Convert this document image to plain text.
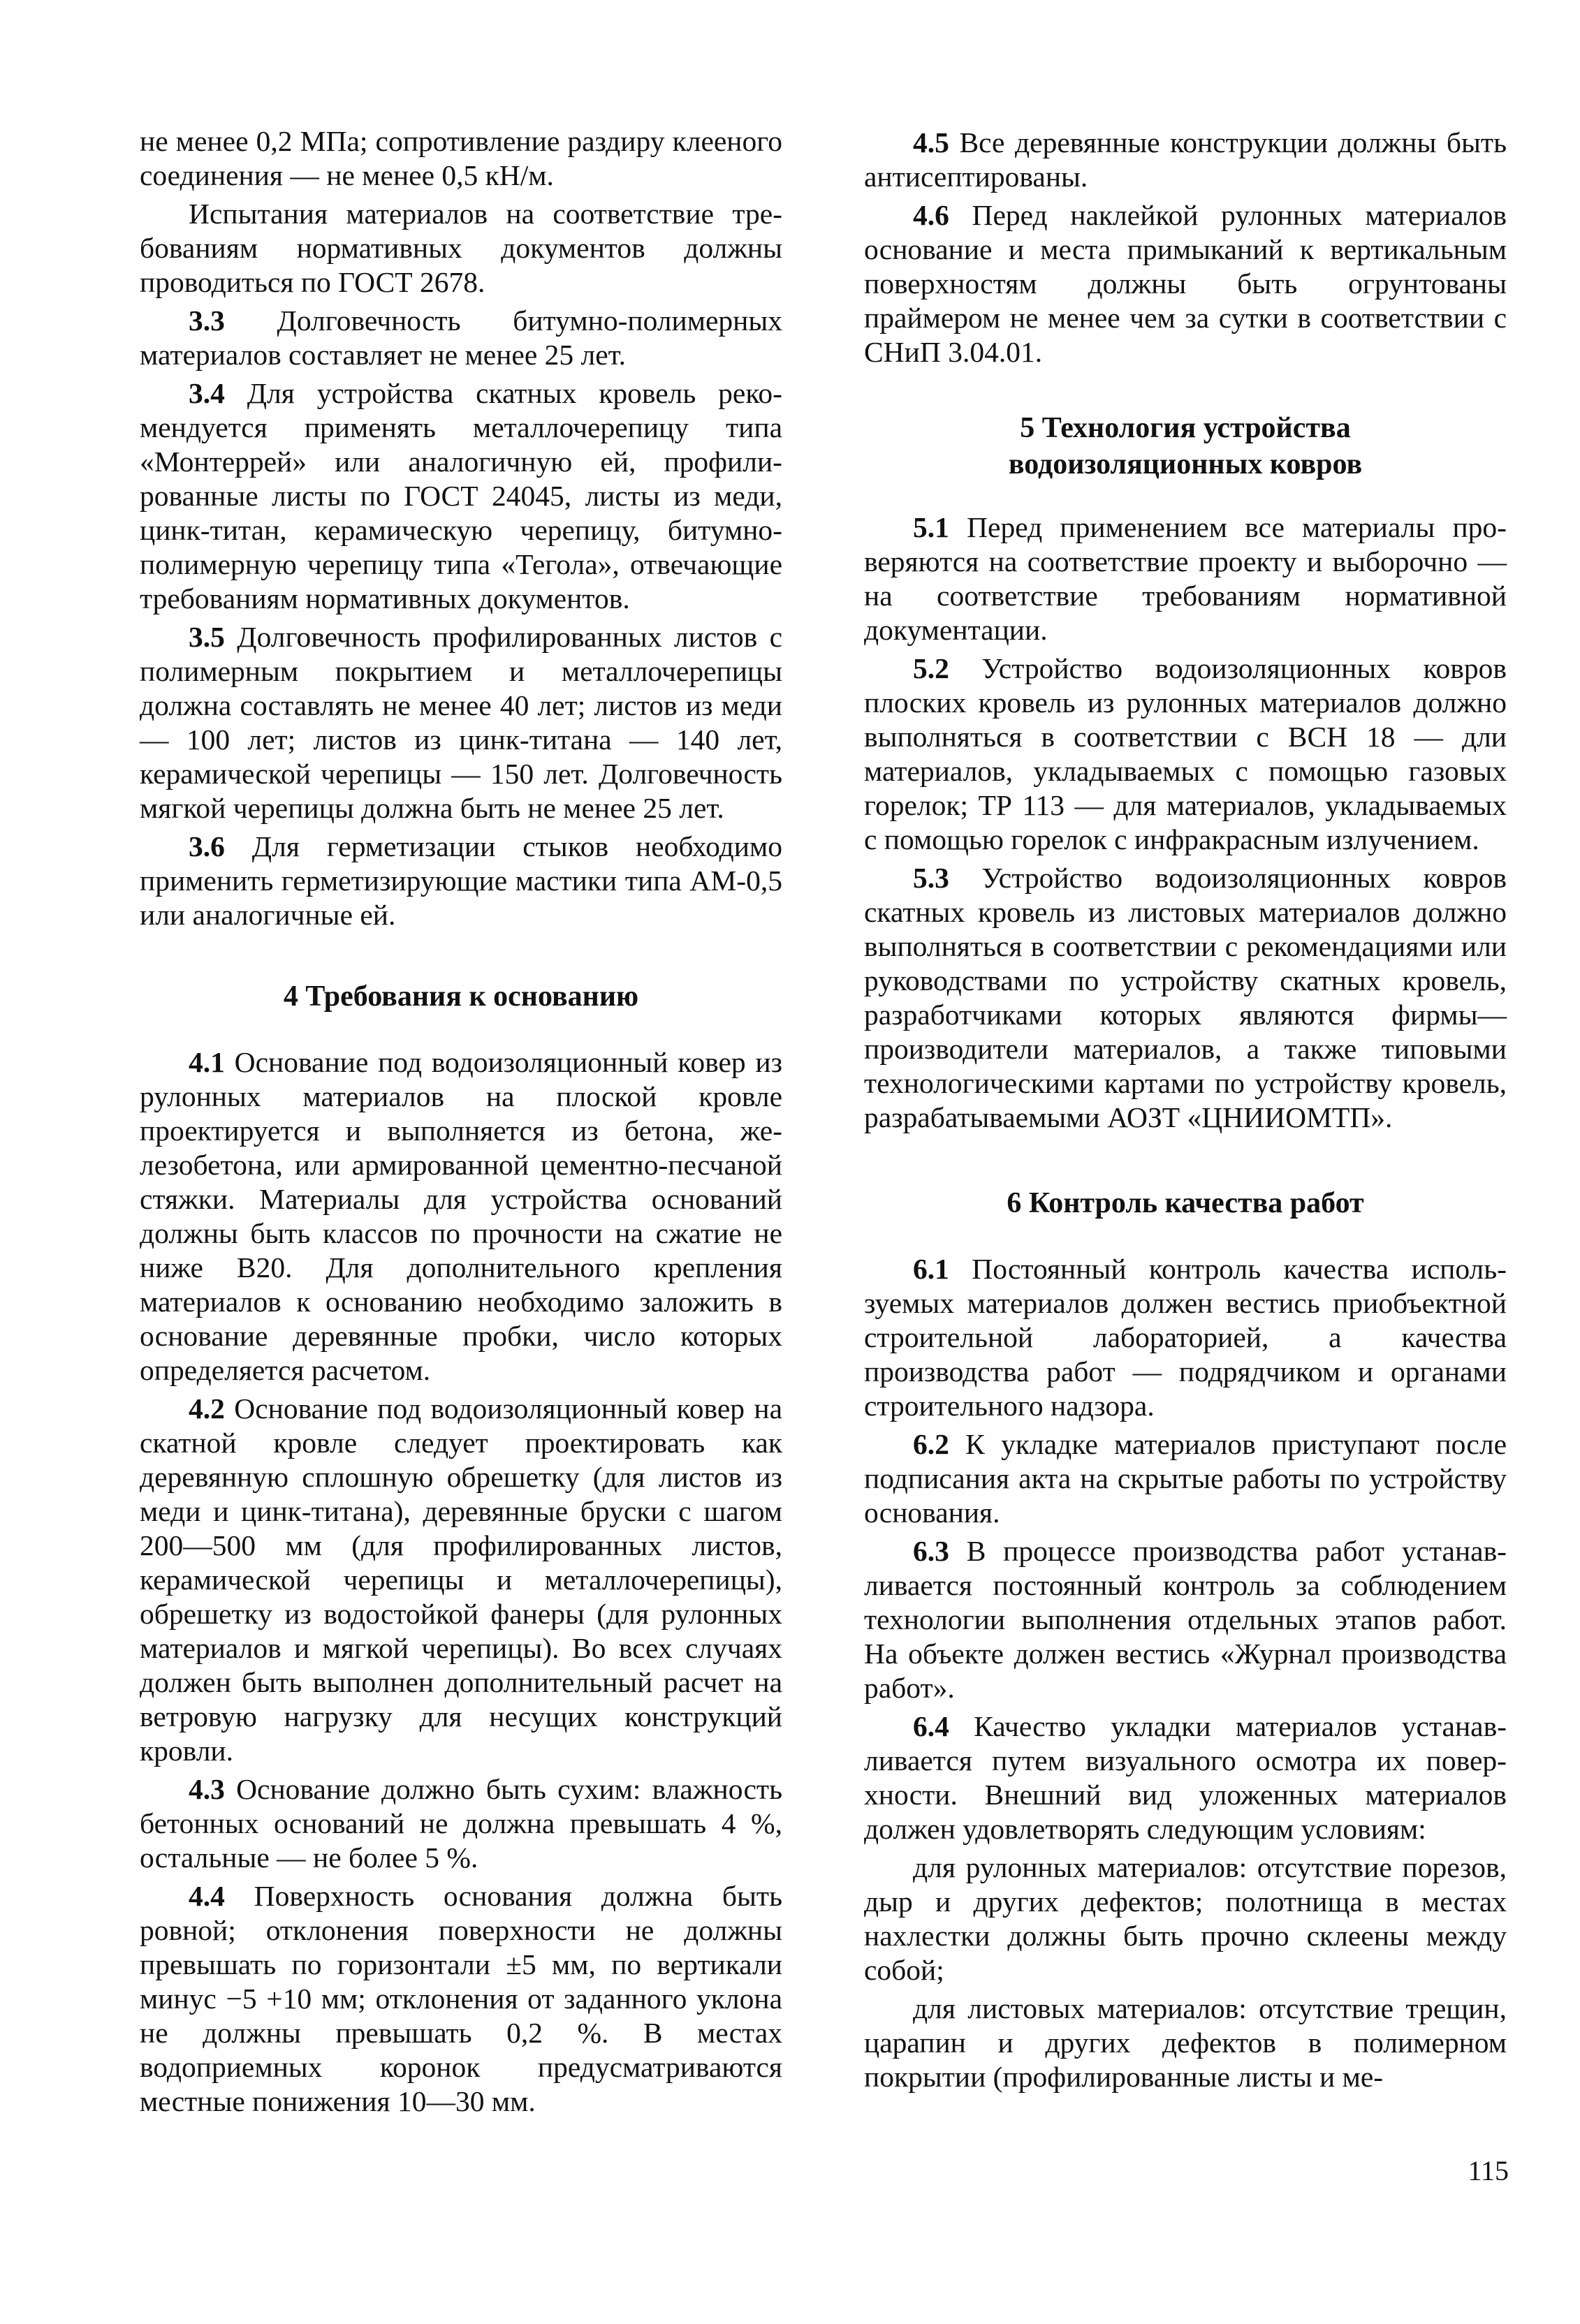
не менее 0,2 МПа; сопротивление раздиру клееного соединения — не менее 0,5 кН/м.

Испытания материалов на соответствие требованиям нормативных документов должны проводиться по ГОСТ 2678.

3.3 Долговечность битумно-полимерных материалов составляет не менее 25 лет.

3.4 Для устройства скатных кровель рекомендуется применять металлочерепицу типа «Монтеррей» или аналогичную ей, профилированные листы по ГОСТ 24045, листы из меди, цинк-титан, керамическую черепицу, битумно-полимерную черепицу типа «Тегола», отвечающие требованиям нормативных документов.

3.5 Долговечность профилированных листов с полимерным покрытием и металлочерепицы должна составлять не менее 40 лет; листов из меди — 100 лет; листов из цинк-титана — 140 лет, керамической черепицы — 150 лет. Долговечность мягкой черепицы должна быть не менее 25 лет.

3.6 Для герметизации стыков необходимо применить герметизирующие мастики типа АМ-0,5 или аналогичные ей.

4 Требования к основанию

4.1 Основание под водоизоляционный ковер из рулонных материалов на плоской кровле проектируется и выполняется из бетона, железобетона, или армированной цементно-песчаной стяжки. Материалы для устройства оснований должны быть классов по прочности на сжатие не ниже В20. Для дополнительного крепления материалов к основанию необходимо заложить в основание деревянные пробки, число которых определяется расчетом.

4.2 Основание под водоизоляционный ковер на скатной кровле следует проектировать как деревянную сплошную обрешетку (для листов из меди и цинк-титана), деревянные бруски с шагом 200—500 мм (для профилированных листов, керамической черепицы и металлочерепицы), обрешетку из водостойкой фанеры (для рулонных материалов и мягкой черепицы). Во всех случаях должен быть выполнен дополнительный расчет на ветровую нагрузку для несущих конструкций кровли.

4.3 Основание должно быть сухим: влажность бетонных оснований не должна превышать 4 %, остальные — не более 5 %.

4.4 Поверхность основания должна быть ровной; отклонения поверхности не должны превышать по горизонтали ±5 мм, по вертикали минус −5 +10 мм; отклонения от заданного уклона не должны превышать 0,2 %. В местах водоприемных коронок предусматриваются местные понижения 10—30 мм.

4.5 Все деревянные конструкции должны быть антисептированы.

4.6 Перед наклейкой рулонных материалов основание и места примыканий к вертикальным поверхностям должны быть огрунтованы праймером не менее чем за сутки в соответствии с СНиП 3.04.01.

5 Технология устройства
водоизоляционных ковров

5.1 Перед применением все материалы проверяются на соответствие проекту и выборочно — на соответствие требованиям нормативной документации.

5.2 Устройство водоизоляционных ковров плоских кровель из рулонных материалов должно выполняться в соответствии с ВСН 18 — дли материалов, укладываемых с помощью газовых горелок; ТР 113 — для материалов, укладываемых с помощью горелок с инфракрасным излучением.

5.3 Устройство водоизоляционных ковров скатных кровель из листовых материалов должно выполняться в соответствии с рекомендациями или руководствами по устройству скатных кровель, разработчиками которых являются фирмы—производители материалов, а также типовыми технологическими картами по устройству кровель, разрабатываемыми АОЗТ «ЦНИИОМТП».

6 Контроль качества работ

6.1 Постоянный контроль качества используемых материалов должен вестись приобъектной строительной лабораторией, а качества производства работ — подрядчиком и органами строительного надзора.

6.2 К укладке материалов приступают после подписания акта на скрытые работы по устройству основания.

6.3 В процессе производства работ устанавливается постоянный контроль за соблюдением технологии выполнения отдельных этапов работ. На объекте должен вестись «Журнал производства работ».

6.4 Качество укладки материалов устанавливается путем визуального осмотра их поверхности. Внешний вид уложенных материалов должен удовлетворять следующим условиям:

для рулонных материалов: отсутствие порезов, дыр и других дефектов; полотнища в местах нахлестки должны быть прочно склеены между собой;

для листовых материалов: отсутствие трещин, царапин и других дефектов в полимерном покрытии (профилированные листы и ме-

115
